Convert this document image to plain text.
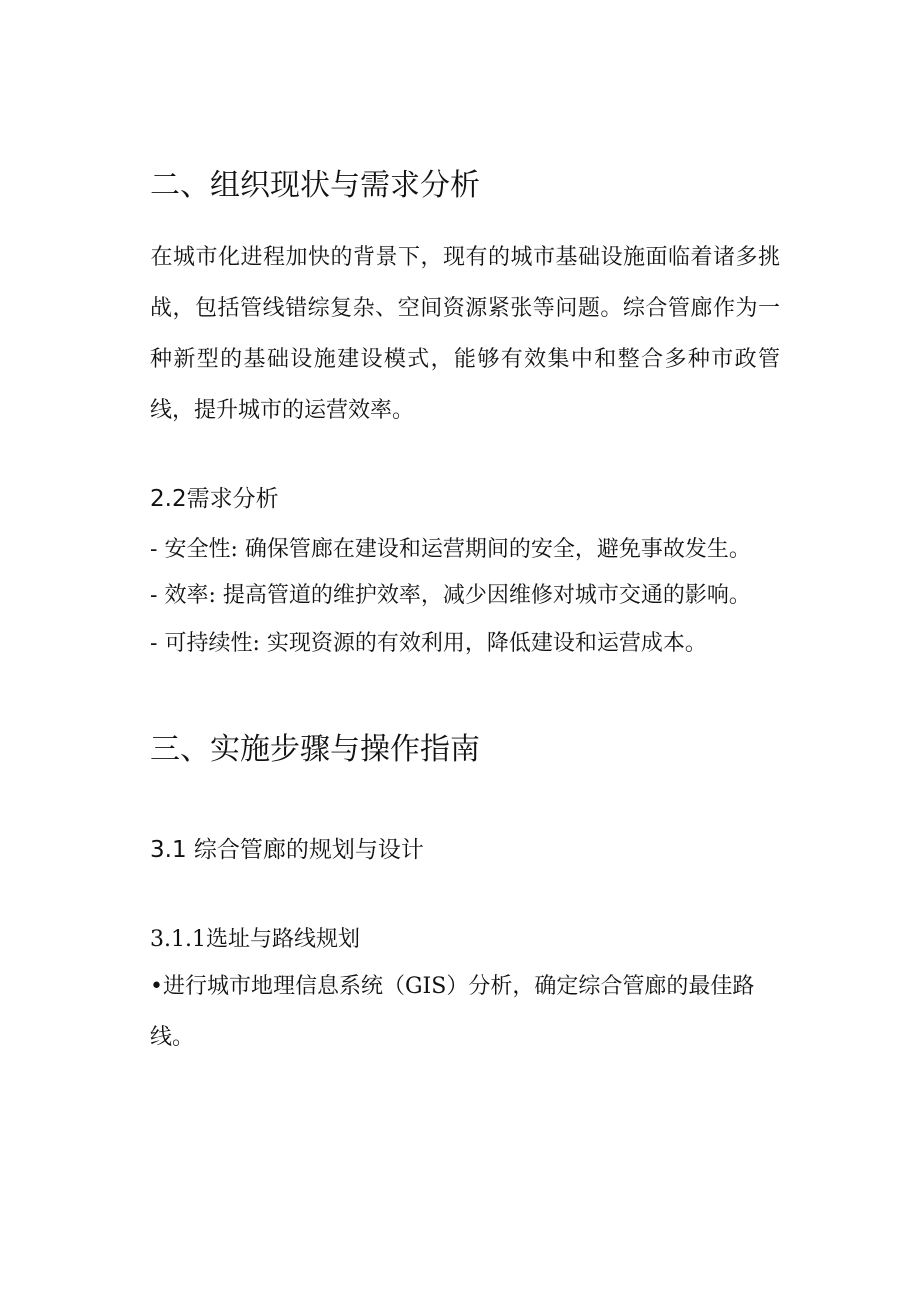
二、组织现状与需求分析

在城市化进程加快的背景下，现有的城市基础设施面临着诸多挑战，包括管线错综复杂、空间资源紧张等问题。综合管廊作为一种新型的基础设施建设模式，能够有效集中和整合多种市政管线，提升城市的运营效率。

2.2需求分析
- 安全性: 确保管廊在建设和运营期间的安全，避免事故发生。
- 效率: 提高管道的维护效率，减少因维修对城市交通的影响。
- 可持续性: 实现资源的有效利用，降低建设和运营成本。
三、实施步骤与操作指南
3.1 综合管廊的规划与设计
3.1.1选址与路线规划

•进行城市地理信息系统（GIS）分析，确定综合管廊的最佳路线。
